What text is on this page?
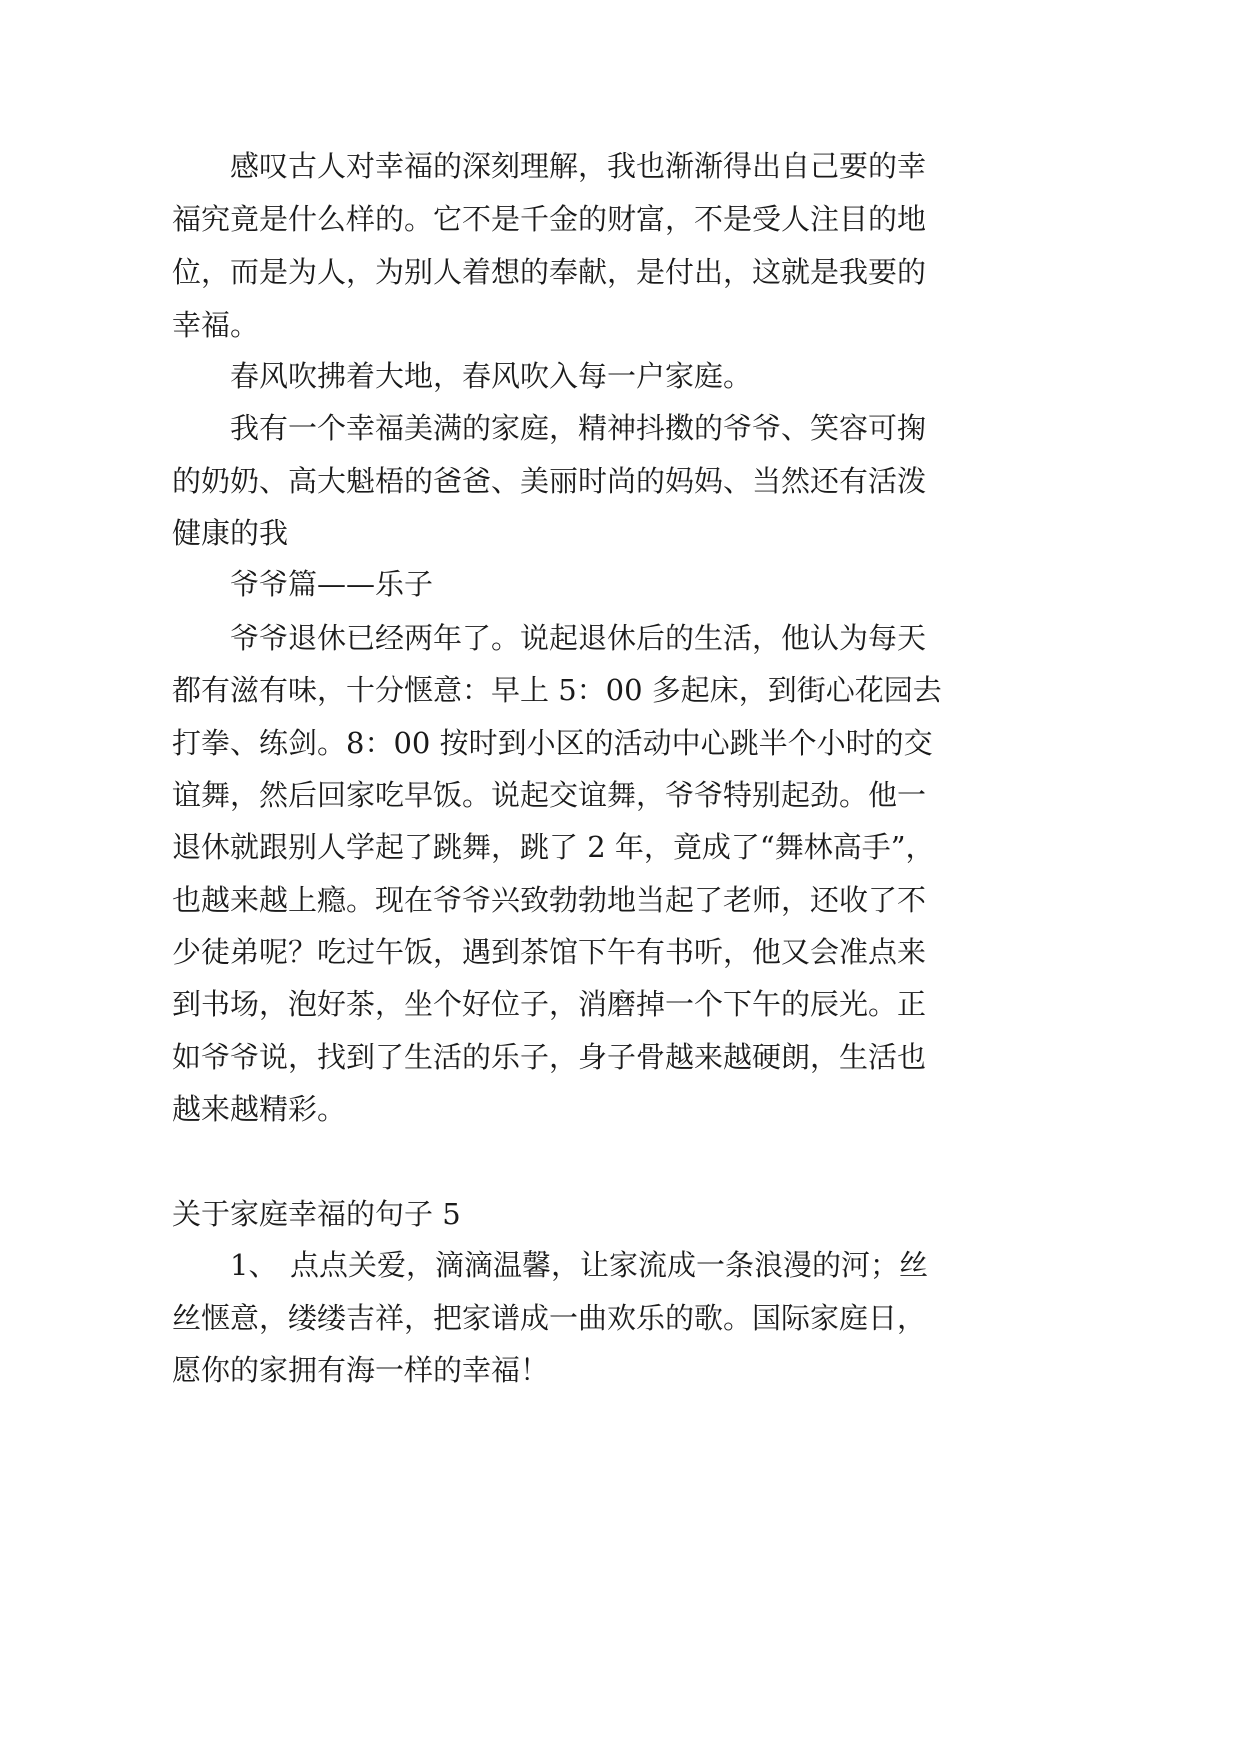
感叹古人对幸福的深刻理解，我也渐渐得出自己要的幸
福究竟是什么样的。它不是千金的财富，不是受人注目的地
位，而是为人，为别人着想的奉献，是付出，这就是我要的
幸福。
春风吹拂着大地，春风吹入每一户家庭。
我有一个幸福美满的家庭，精神抖擞的爷爷、笑容可掬
的奶奶、高大魁梧的爸爸、美丽时尚的妈妈、当然还有活泼
健康的我
爷爷篇——乐子
爷爷退休已经两年了。说起退休后的生活，他认为每天
都有滋有味，十分惬意：早上 5：00 多起床，到街心花园去
打拳、练剑。8：00 按时到小区的活动中心跳半个小时的交
谊舞，然后回家吃早饭。说起交谊舞，爷爷特别起劲。他一
退休就跟别人学起了跳舞，跳了 2 年，竟成了“舞林高手”，
也越来越上瘾。现在爷爷兴致勃勃地当起了老师，还收了不
少徒弟呢？吃过午饭，遇到茶馆下午有书听，他又会准点来
到书场，泡好茶，坐个好位子，消磨掉一个下午的辰光。正
如爷爷说，找到了生活的乐子，身子骨越来越硬朗，生活也
越来越精彩。
关于家庭幸福的句子 5
1、 点点关爱，滴滴温馨，让家流成一条浪漫的河；丝
丝惬意，缕缕吉祥，把家谱成一曲欢乐的歌。国际家庭日，
愿你的家拥有海一样的幸福！
